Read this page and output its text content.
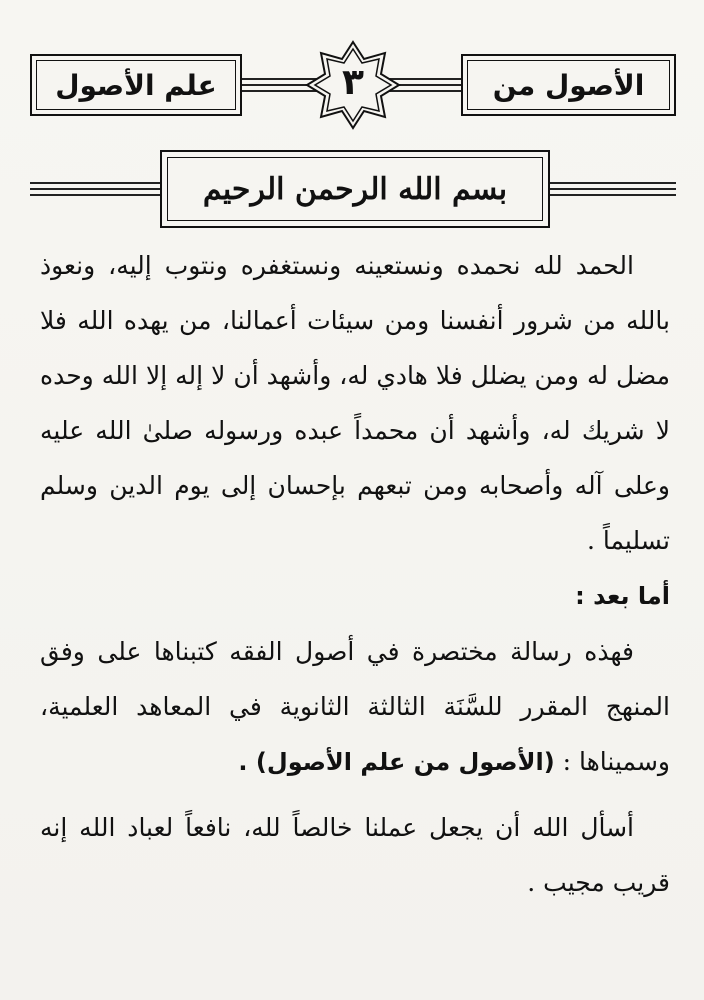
الأصول من
٣
علم الأصول
بسم الله الرحمن الرحيم

الحمد لله نحمده ونستعينه ونستغفره ونتوب إليه، ونعوذ بالله من شرور أنفسنا ومن سيئات أعمالنا، من يهده الله فلا مضل له ومن يضلل فلا هادي له، وأشهد أن لا إله إلا الله وحده لا شريك له، وأشهد أن محمداً عبده ورسوله صلىٰ الله عليه وعلى آله وأصحابه ومن تبعهم بإحسان إلى يوم الدين وسلم تسليماً .

أما بعد :

فهذه رسالة مختصرة في أصول الفقه كتبناها على وفق المنهج المقرر للسَّنَة الثالثة الثانوية في المعاهد العلمية، وسميناها : (الأصول من علم الأصول) .

أسأل الله أن يجعل عملنا خالصاً لله، نافعاً لعباد الله إنه قريب مجيب .
